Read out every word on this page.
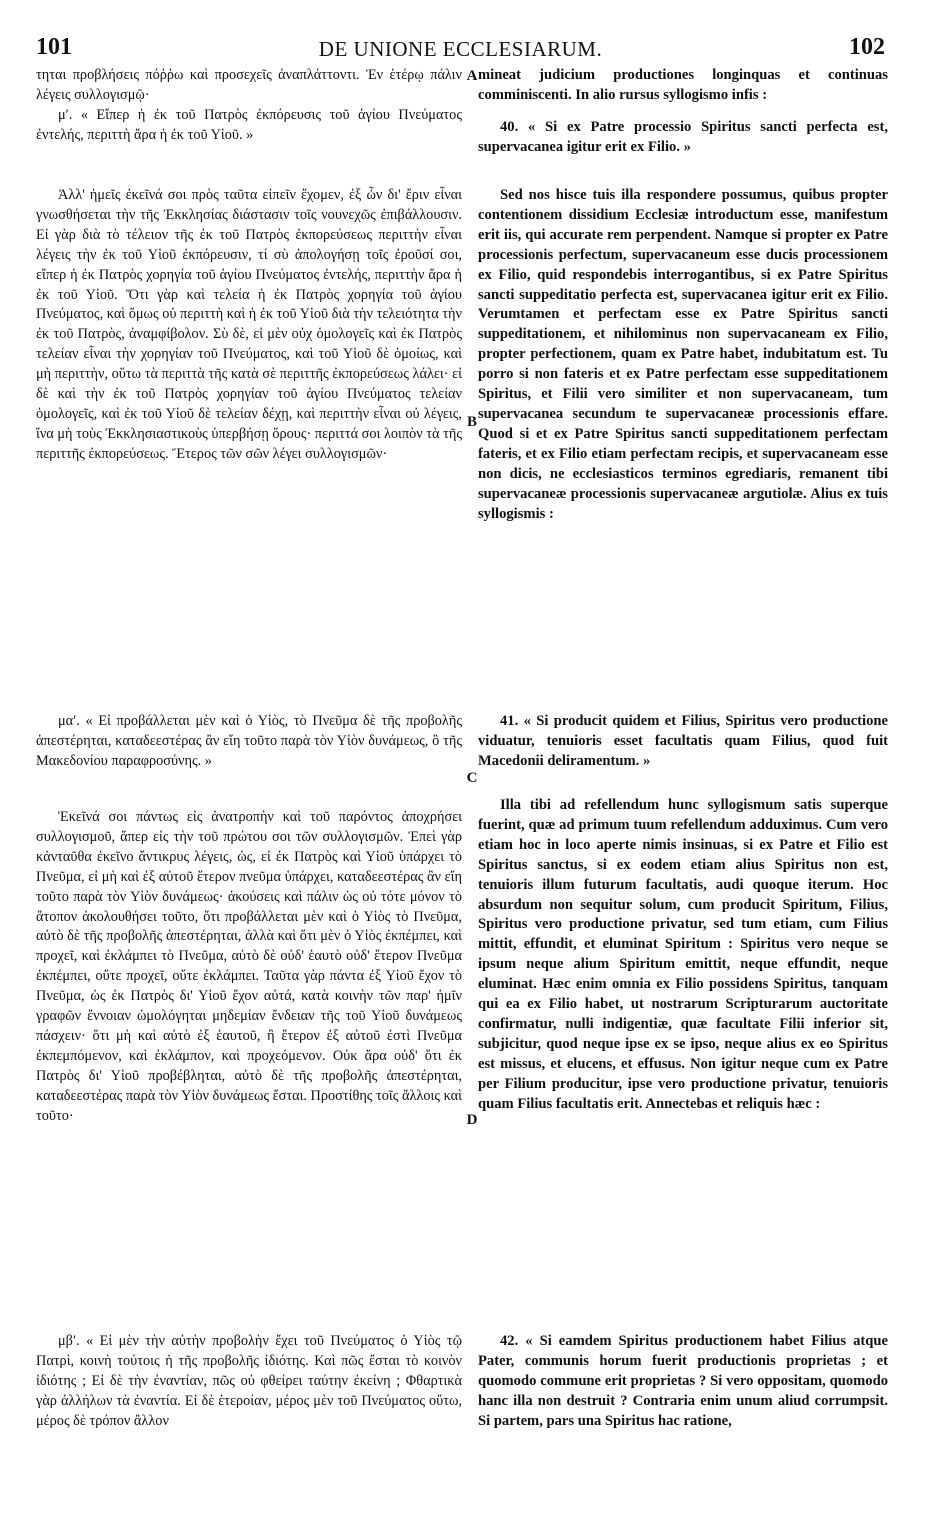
101	DE UNIONE ECCLESIARUM.	102

τηται προβλήσεις πόῤῥω καὶ προσεχεῖς ἀναπλάττοντι. Ἐν ἑτέρῳ πάλιν λέγεις συλλογισμῷ·

μʹ. « Εἴπερ ἡ ἐκ τοῦ Πατρὸς ἐκπόρευσις τοῦ ἁγίου Πνεύματος ἐντελής, περιττὴ ἄρα ἡ ἐκ τοῦ Υἱοῦ. »

Ἀλλ' ἡμεῖς ἐκεῖνά σοι πρὸς ταῦτα εἰπεῖν ἔχομεν, ἐξ ὧν δι' ἔριν εἶναι γνωσθήσεται τὴν τῆς Ἐκκλησίας διάστασιν τοῖς νουνεχῶς ἐπιβάλλουσιν. Εἰ γὰρ διὰ τὸ τέλειον τῆς ἐκ τοῦ Πατρὸς ἐκπορεύσεως περιττὴν εἶναι λέγεις τὴν ἐκ τοῦ Υἱοῦ ἐκπόρευσιν, τί σὺ ἀπολογήσῃ τοῖς ἐροῦσί σοι, εἴπερ ἡ ἐκ Πατρὸς χορηγία τοῦ ἁγίου Πνεύματος ἐντελής, περιττὴν ἄρα ἡ ἐκ τοῦ Υἱοῦ. Ὅτι γὰρ καὶ τελεία ἡ ἐκ Πατρὸς χορηγία τοῦ ἁγίου Πνεύματος, καὶ ὅμως οὐ περιττὴ καὶ ἡ ἐκ τοῦ Υἱοῦ διὰ τὴν τελειότητα τὴν ἐκ τοῦ Πατρὸς, ἀναμφίβολον. Σὺ δὲ, εἰ μὲν οὐχ ὁμολογεῖς καὶ ἐκ Πατρὸς τελείαν εἶναι τὴν χορηγίαν τοῦ Πνεύματος, καὶ τοῦ Υἱοῦ δὲ ὁμοίως, καὶ μὴ περιττὴν, οὕτω τὰ περιττὰ τῆς κατὰ σὲ περιττῆς ἐκπορεύσεως λάλει· εἰ δὲ καὶ τὴν ἐκ τοῦ Πατρὸς χορηγίαν τοῦ ἁγίου Πνεύματος τελείαν ὁμολογεῖς, καὶ ἐκ τοῦ Υἱοῦ δὲ τελείαν δέχῃ, καὶ περιττὴν εἶναι οὐ λέγεις, ἵνα μὴ τοὺς Ἐκκλησιαστικοὺς ὑπερβήσῃ ὅρους· περιττά σοι λοιπὸν τὰ τῆς περιττῆς ἐκπορεύσεως. Ἕτερος τῶν σῶν λέγει συλλογισμῶν·

μαʹ. « Εἰ προβάλλεται μὲν καὶ ὁ Υἱὸς, τὸ Πνεῦμα δὲ τῆς προβολῆς ἀπεστέρηται, καταδεεστέρας ἂν εἴη τοῦτο παρὰ τὸν Υἱὸν δυνάμεως, ὃ τῆς Μακεδονίου παραφροσύνης. »

Ἐκεῖνά σοι πάντως εἰς ἀνατροπὴν καὶ τοῦ παρόντος ἀποχρήσει συλλογισμοῦ, ἅπερ εἰς τὴν τοῦ πρώτου σοι τῶν συλλογισμῶν. Ἐπεὶ γὰρ κἀνταῦθα ἐκεῖνο ἄντικρυς λέγεις, ὡς, εἰ ἐκ Πατρὸς καὶ Υἱοῦ ὑπάρχει τὸ Πνεῦμα, εἰ μὴ καὶ ἐξ αὐτοῦ ἕτερον πνεῦμα ὑπάρχει, καταδεεστέρας ἂν εἴη τοῦτο παρὰ τὸν Υἱὸν δυνάμεως· ἀκούσεις καὶ πάλιν ὡς οὐ τότε μόνον τὸ ἄτοπον ἀκολουθήσει τοῦτο, ὅτι προβάλλεται μὲν καὶ ὁ Υἱὸς τὸ Πνεῦμα, αὐτὸ δὲ τῆς προβολῆς ἀπεστέρηται, ἀλλὰ καὶ ὅτι μὲν ὁ Υἱὸς ἐκπέμπει, καὶ προχεῖ, καὶ ἐκλάμπει τὸ Πνεῦμα, αὐτὸ δὲ οὐδ' ἑαυτὸ οὐδ' ἕτερον Πνεῦμα ἐκπέμπει, οὔτε προχεῖ, οὔτε ἐκλάμπει. Ταῦτα γὰρ πάντα ἐξ Υἱοῦ ἔχον τὸ Πνεῦμα, ὡς ἐκ Πατρὸς δι' Υἱοῦ ἔχον αὐτά, κατὰ κοινὴν τῶν παρ' ἡμῖν γραφῶν ἔννοιαν ὡμολόγηται μηδεμίαν ἔνδειαν τῆς τοῦ Υἱοῦ δυνάμεως πάσχειν· ὅτι μὴ καὶ αὐτὸ ἐξ ἑαυτοῦ, ἢ ἕτερον ἐξ αὐτοῦ ἐστὶ Πνεῦμα ἐκπεμπόμενον, καὶ ἐκλάμπον, καὶ προχεόμενον. Οὐκ ἄρα οὐδ' ὅτι ἐκ Πατρὸς δι' Υἱοῦ προβέβληται, αὐτὸ δὲ τῆς προβολῆς ἀπεστέρηται, καταδεεστέρας παρὰ τὸν Υἱὸν δυνάμεως ἔσται. Προστίθης τοῖς ἄλλοις καὶ τοῦτο·

μβʹ. « Εἰ μὲν τὴν αὐτὴν προβολὴν ἔχει τοῦ Πνεύματος ὁ Υἱὸς τῷ Πατρὶ, κοινὴ τούτοις ἡ τῆς προβολῆς ἰδιότης. Καὶ πῶς ἔσται τὸ κοινὸν ἰδιότης ; Εἰ δὲ τὴν ἐναντίαν, πῶς οὐ φθείρει ταύτην ἐκείνη ; Φθαρτικὰ γὰρ ἀλλήλων τὰ ἐναντία. Εἰ δὲ ἑτεροίαν, μέρος μὲν τοῦ Πνεύματος οὕτω, μέρος δὲ τρόπον ἄλλον

A
B
C
D

mineat judicium productiones longinquas et continuas comminiscenti. In alio rursus syllogismo infis :

40. « Si ex Patre processio Spiritus sancti perfecta est, supervacanea igitur erit ex Filio. »

Sed nos hisce tuis illa respondere possumus, quibus propter contentionem dissidium Ecclesiæ introductum esse, manifestum erit iis, qui accurate rem perpendent. Namque si propter ex Patre processionis perfectum, supervacaneum esse ducis processionem ex Filio, quid respondebis interrogantibus, si ex Patre Spiritus sancti suppeditatio perfecta est, supervacanea igitur erit ex Filio. Verumtamen et perfectam esse ex Patre Spiritus sancti suppeditationem, et nihilominus non supervacaneam ex Filio, propter perfectionem, quam ex Patre habet, indubitatum est. Tu porro si non fateris et ex Patre perfectam esse suppeditationem Spiritus, et Filii vero similiter et non supervacaneam, tum supervacanea secundum te supervacaneæ processionis effare. Quod si et ex Patre Spiritus sancti suppeditationem perfectam fateris, et ex Filio etiam perfectam recipis, et supervacaneam esse non dicis, ne ecclesiasticos terminos egrediaris, remanent tibi supervacaneæ processionis supervacaneæ argutiolæ. Alius ex tuis syllogismis :

41. « Si producit quidem et Filius, Spiritus vero productione viduatur, tenuioris esset facultatis quam Filius, quod fuit Macedonii deliramentum. »

Illa tibi ad refellendum hunc syllogismum satis superque fuerint, quæ ad primum tuum refellendum adduximus. Cum vero etiam hoc in loco aperte nimis insinuas, si ex Patre et Filio est Spiritus sanctus, si ex eodem etiam alius Spiritus non est, tenuioris illum futurum facultatis, audi quoque iterum. Hoc absurdum non sequitur solum, cum producit Spiritum, Filius, Spiritus vero productione privatur, sed tum etiam, cum Filius mittit, effundit, et eluminat Spiritum : Spiritus vero neque se ipsum neque alium Spiritum emittit, neque effundit, neque eluminat. Hæc enim omnia ex Filio possidens Spiritus, tanquam qui ea ex Filio habet, ut nostrarum Scripturarum auctoritate confirmatur, nulli indigentiæ, quæ facultate Filii inferior sit, subjicitur, quod neque ipse ex se ipso, neque alius ex eo Spiritus est missus, et elucens, et effusus. Non igitur neque cum ex Patre per Filium producitur, ipse vero productione privatur, tenuioris quam Filius facultatis erit. Annectebas et reliquis hæc :

42. « Si eamdem Spiritus productionem habet Filius atque Pater, communis horum fuerit productionis proprietas ; et quomodo commune erit proprietas ? Si vero oppositam, quomodo hanc illa non destruit ? Contraria enim unum aliud corrumpsit. Si partem, pars una Spiritus hac ratione,
